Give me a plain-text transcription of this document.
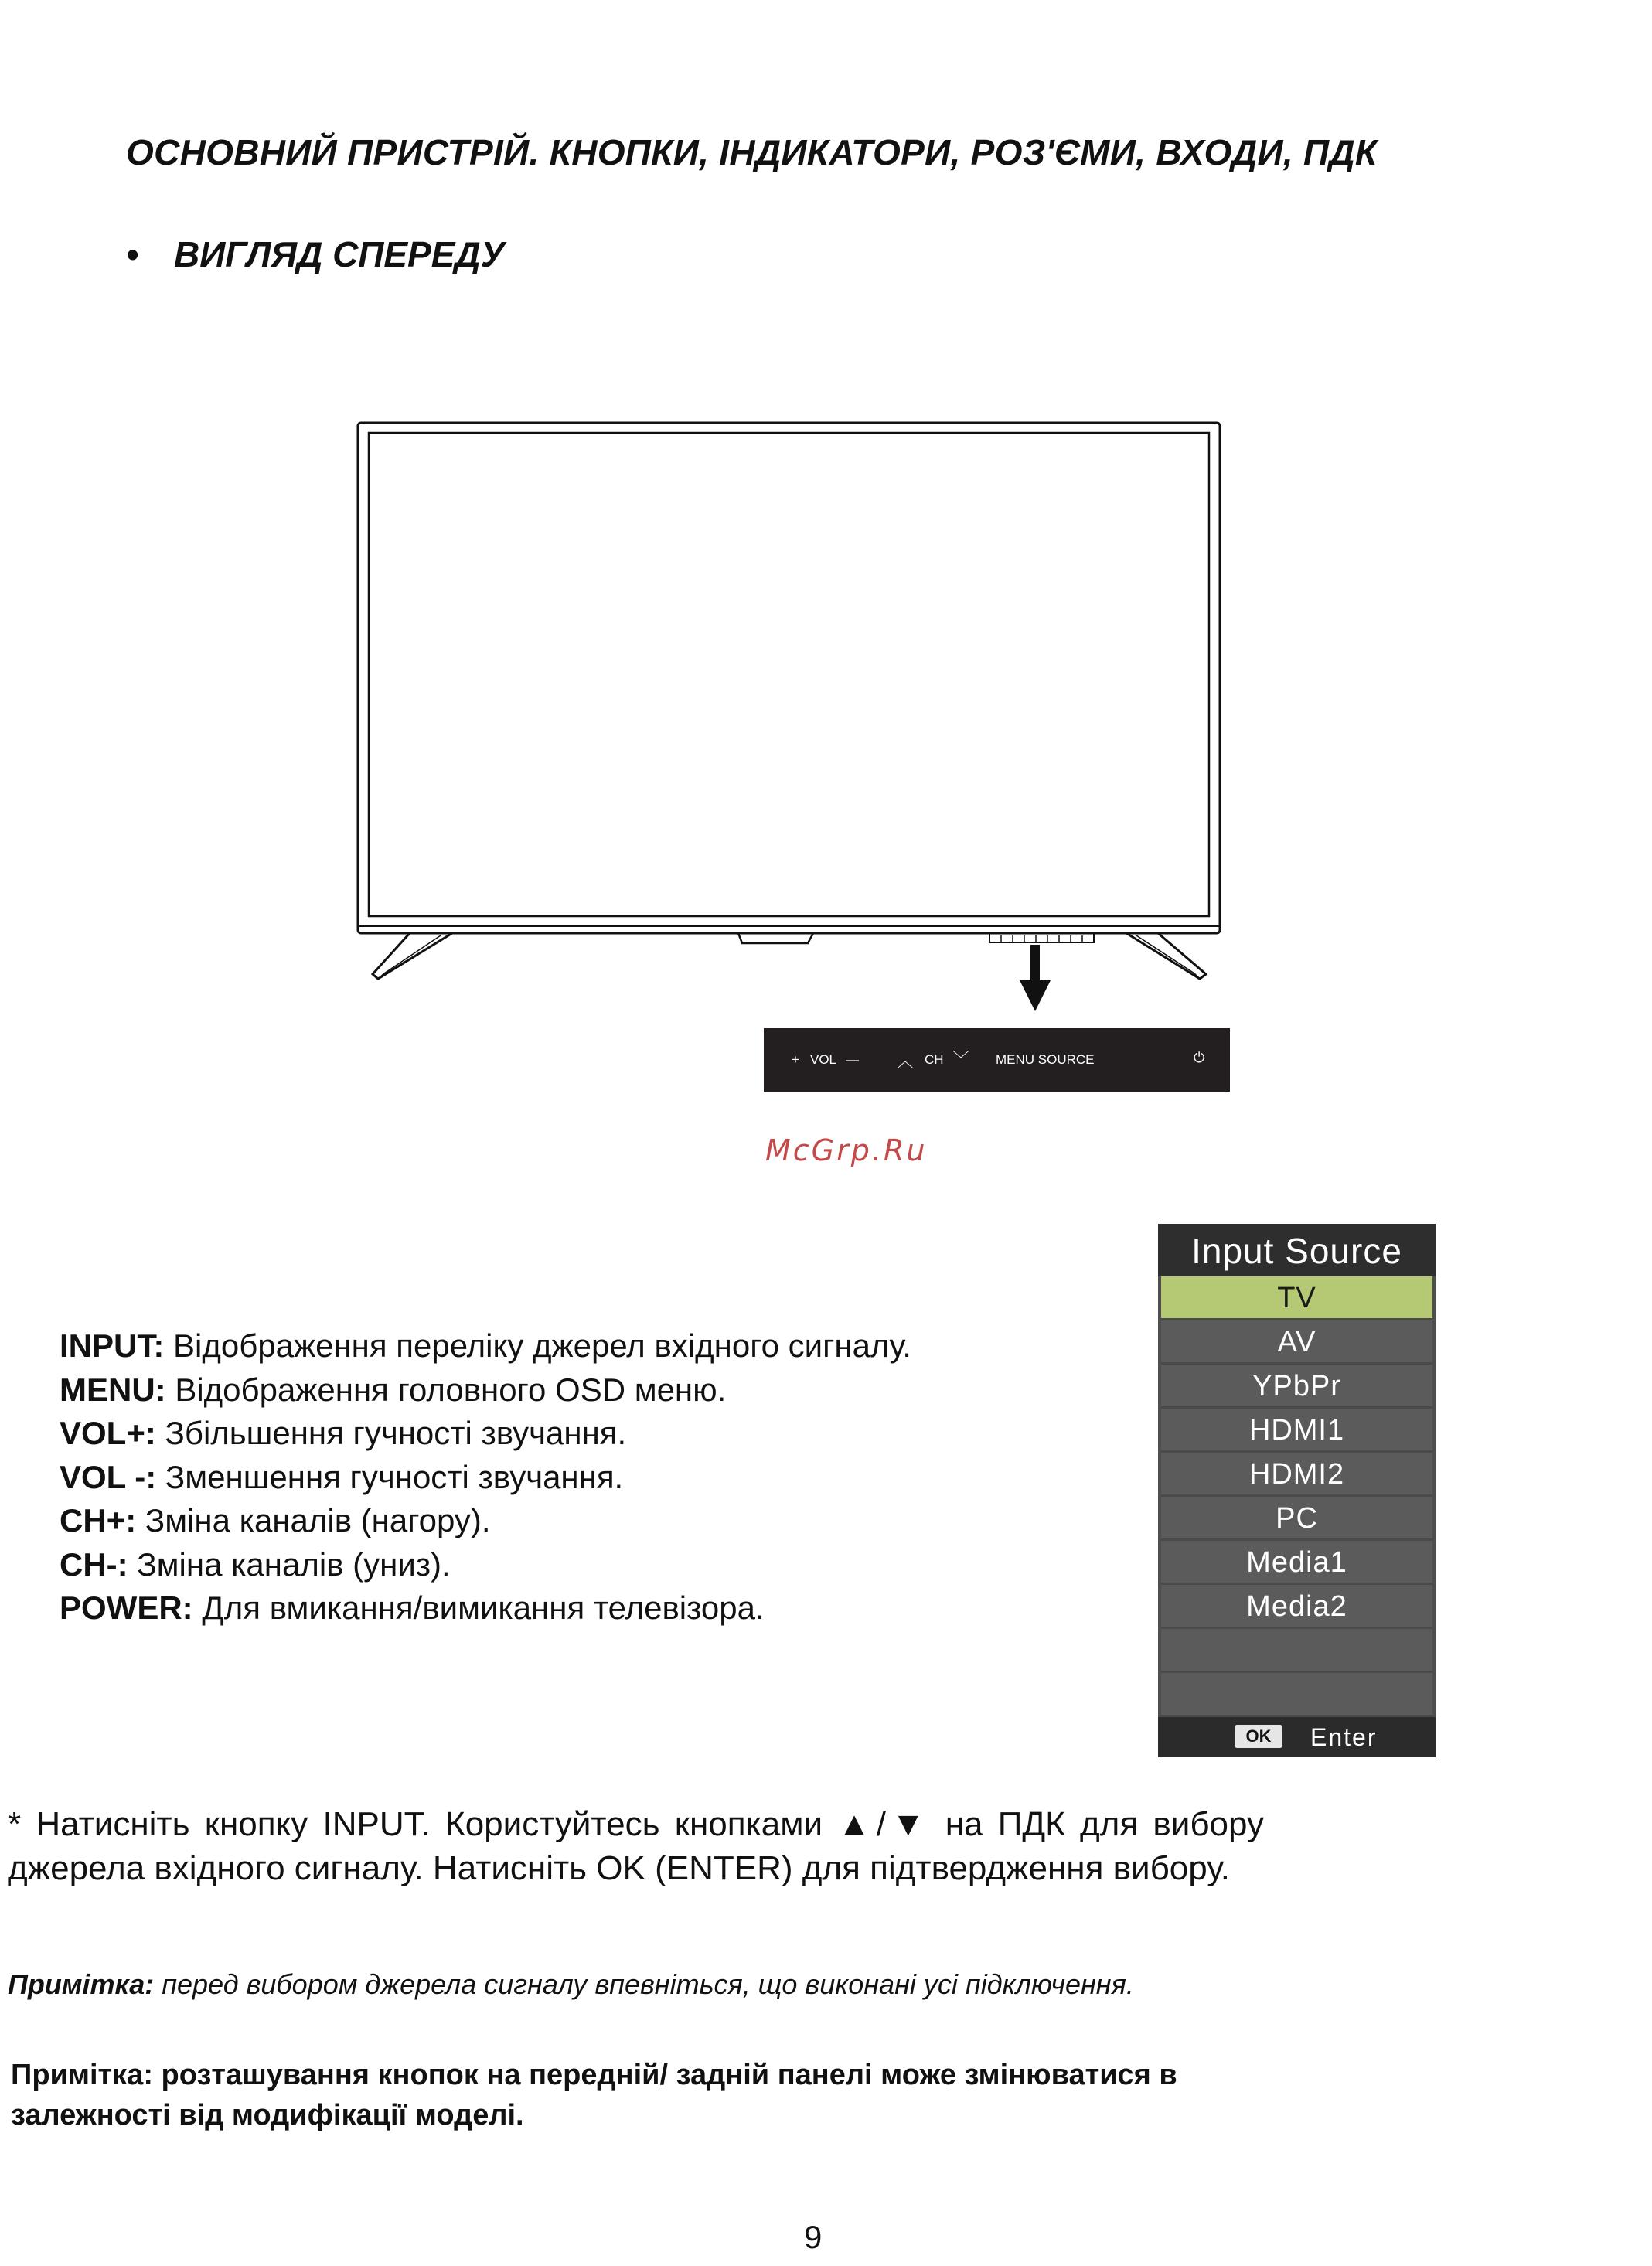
ОСНОВНИЙ ПРИСТРІЙ. КНОПКИ, ІНДИКАТОРИ, РОЗ'ЄМИ, ВХОДИ, ПДК
• ВИГЛЯД СПЕРЕДУ
+ VOL — ︿ CH ﹀ MENU SOURCE	⏻
McGrp.Ru
INPUT: Відображення переліку джерел вхідного сигналу.
MENU: Відображення головного OSD меню.
VOL+: Збільшення гучності звучання.
VOL -: Зменшення гучності звучання.
CH+: Зміна каналів (нагору).
CH-: Зміна каналів (униз).
POWER: Для вмикання/вимикання телевізора.
Input Source
TV
AV
YPbPr
HDMI1
HDMI2
PC
Media1
Media2
OK	Enter
* Натисніть кнопку INPUT. Користуйтесь кнопками ▲/▼ на ПДК для вибору джерела вхідного сигналу. Натисніть OK (ENTER) для підтвердження вибору.
Примітка: перед вибором джерела сигналу впевніться, що виконані усі підключення.
Примітка: розташування кнопок на передній/ задній панелі може змінюватися в залежності від модифікації моделі.
9
